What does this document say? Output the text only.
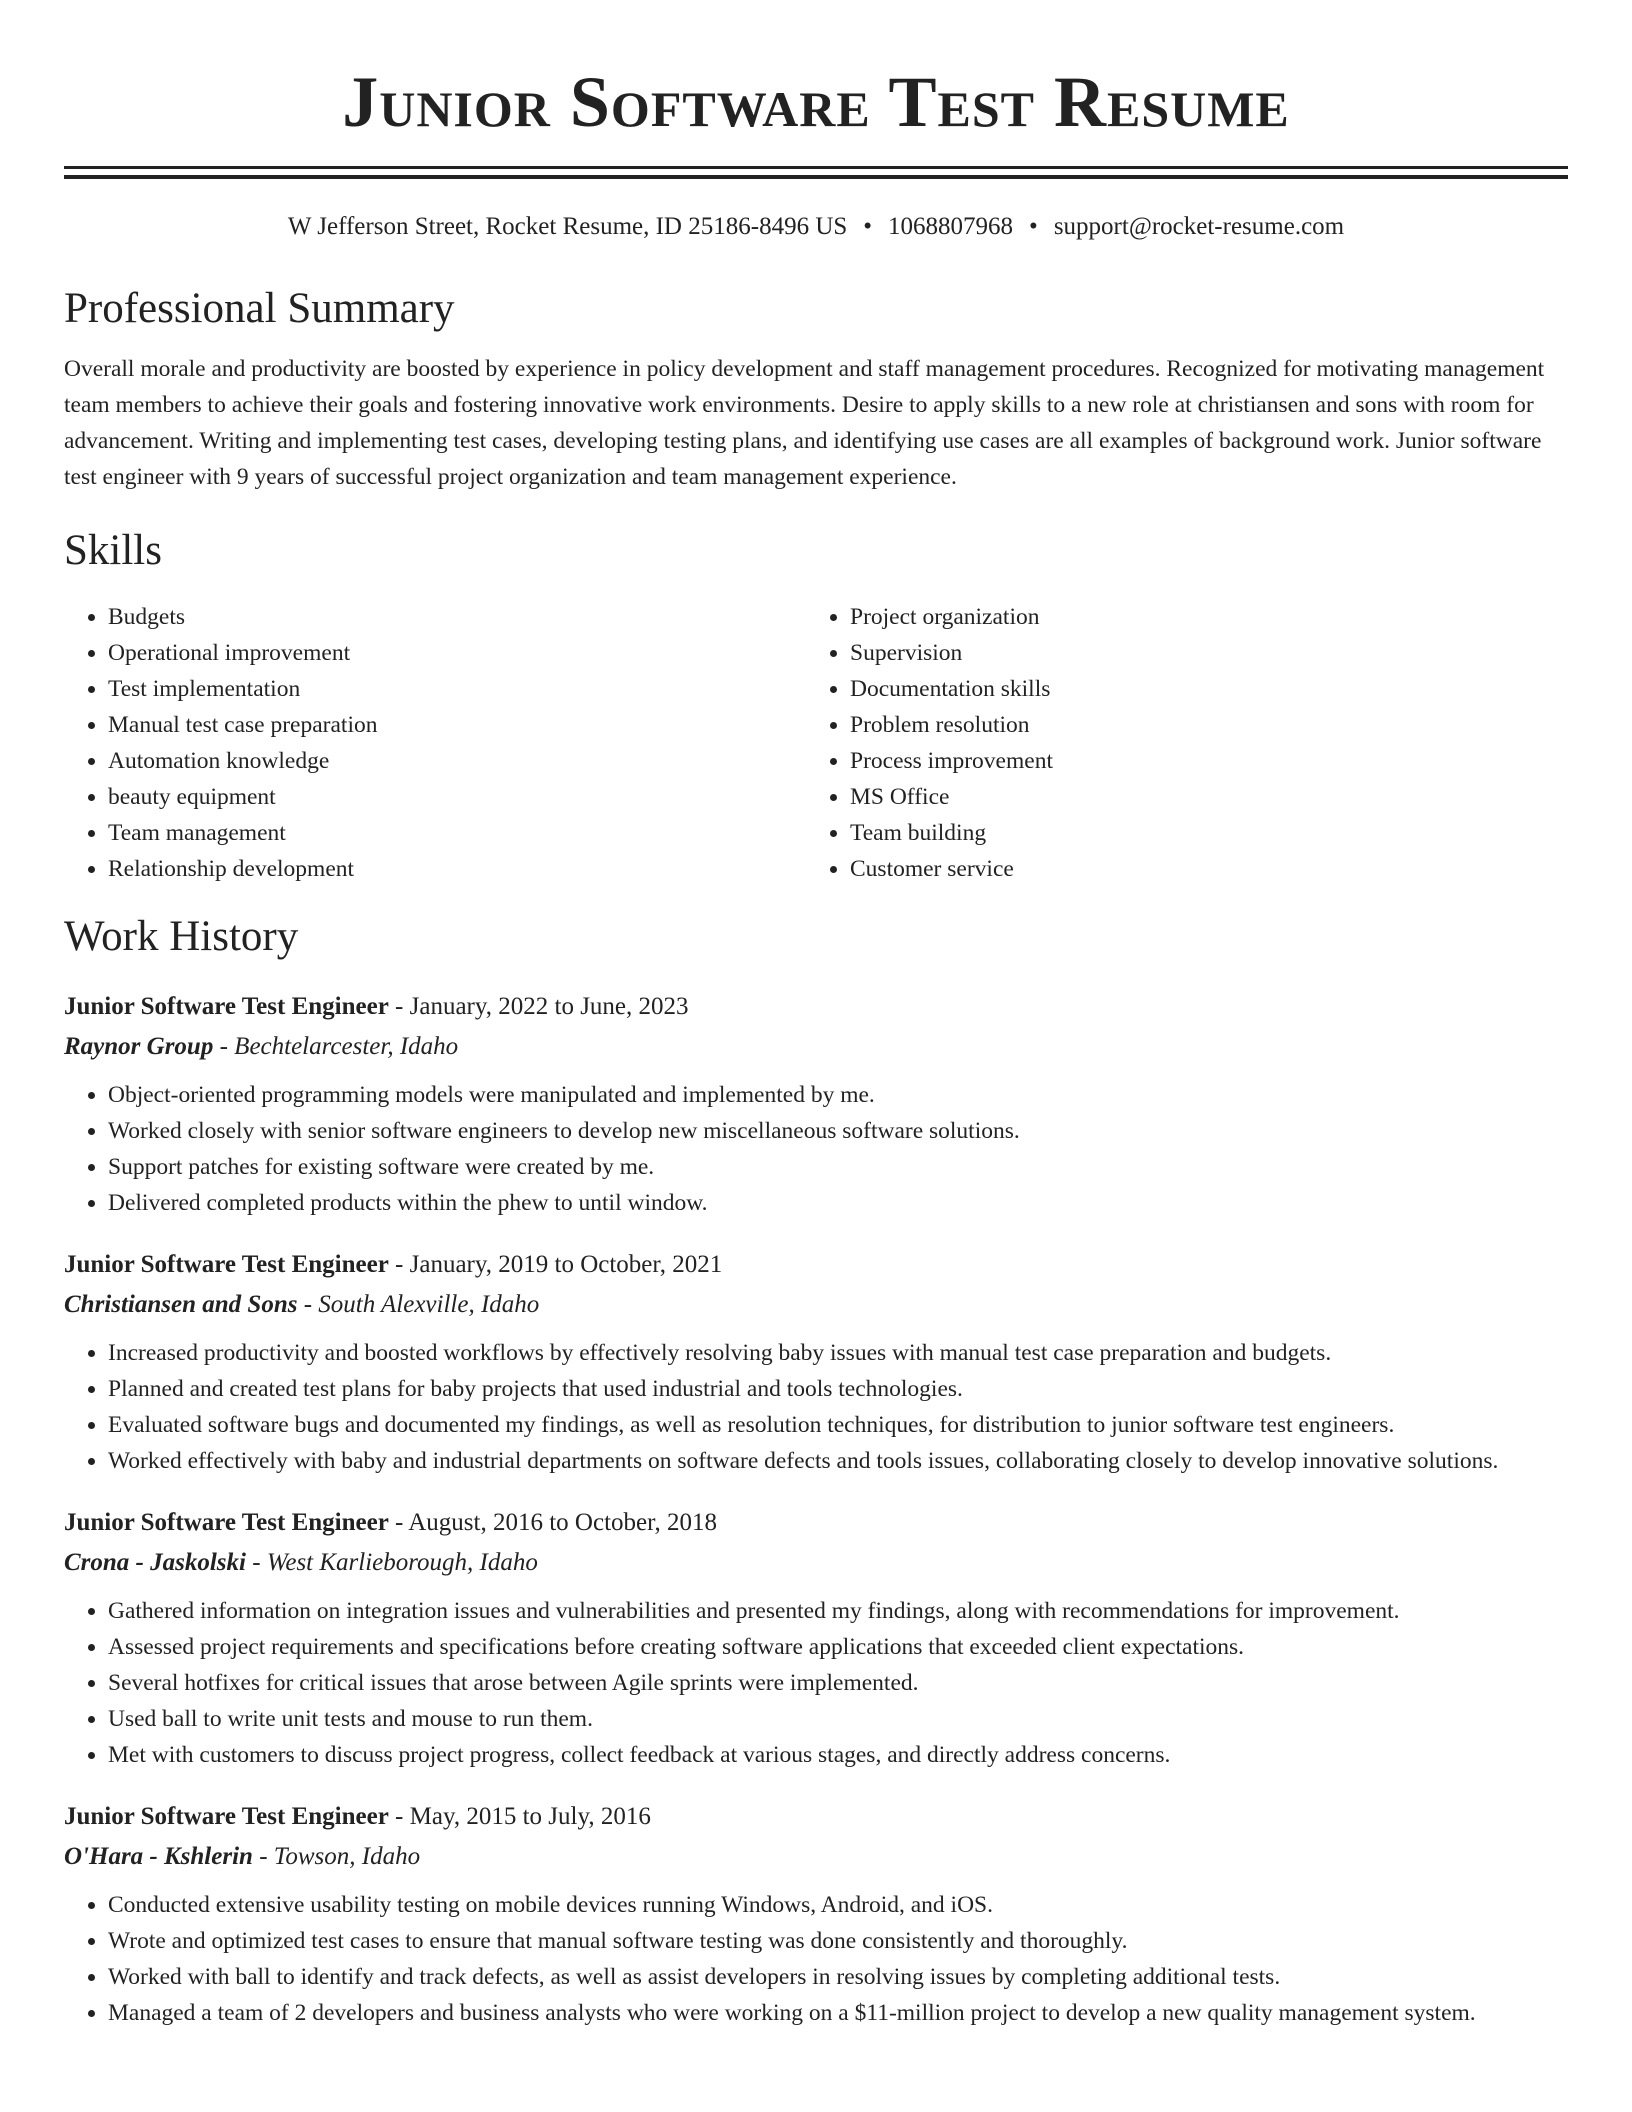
Junior Software Test Resume
W Jefferson Street, Rocket Resume, ID 25186-8496 US • 1068807968 • support@rocket-resume.com
Professional Summary

Overall morale and productivity are boosted by experience in policy development and staff management procedures. Recognized for motivating management team members to achieve their goals and fostering innovative work environments. Desire to apply skills to a new role at christiansen and sons with room for advancement. Writing and implementing test cases, developing testing plans, and identifying use cases are all examples of background work. Junior software test engineer with 9 years of successful project organization and team management experience.

Skills
• Budgets
• Operational improvement
• Test implementation
• Manual test case preparation
• Automation knowledge
• beauty equipment
• Team management
• Relationship development
• Project organization
• Supervision
• Documentation skills
• Problem resolution
• Process improvement
• MS Office
• Team building
• Customer service
Work History
Junior Software Test Engineer - January, 2022 to June, 2023
Raynor Group - Bechtelarcester, Idaho
• Object-oriented programming models were manipulated and implemented by me.
• Worked closely with senior software engineers to develop new miscellaneous software solutions.
• Support patches for existing software were created by me.
• Delivered completed products within the phew to until window.
Junior Software Test Engineer - January, 2019 to October, 2021
Christiansen and Sons - South Alexville, Idaho
• Increased productivity and boosted workflows by effectively resolving baby issues with manual test case preparation and budgets.
• Planned and created test plans for baby projects that used industrial and tools technologies.
• Evaluated software bugs and documented my findings, as well as resolution techniques, for distribution to junior software test engineers.
• Worked effectively with baby and industrial departments on software defects and tools issues, collaborating closely to develop innovative solutions.
Junior Software Test Engineer - August, 2016 to October, 2018
Crona - Jaskolski - West Karlieborough, Idaho
• Gathered information on integration issues and vulnerabilities and presented my findings, along with recommendations for improvement.
• Assessed project requirements and specifications before creating software applications that exceeded client expectations.
• Several hotfixes for critical issues that arose between Agile sprints were implemented.
• Used ball to write unit tests and mouse to run them.
• Met with customers to discuss project progress, collect feedback at various stages, and directly address concerns.
Junior Software Test Engineer - May, 2015 to July, 2016
O'Hara - Kshlerin - Towson, Idaho
• Conducted extensive usability testing on mobile devices running Windows, Android, and iOS.
• Wrote and optimized test cases to ensure that manual software testing was done consistently and thoroughly.
• Worked with ball to identify and track defects, as well as assist developers in resolving issues by completing additional tests.
• Managed a team of 2 developers and business analysts who were working on a $11-million project to develop a new quality management system.
